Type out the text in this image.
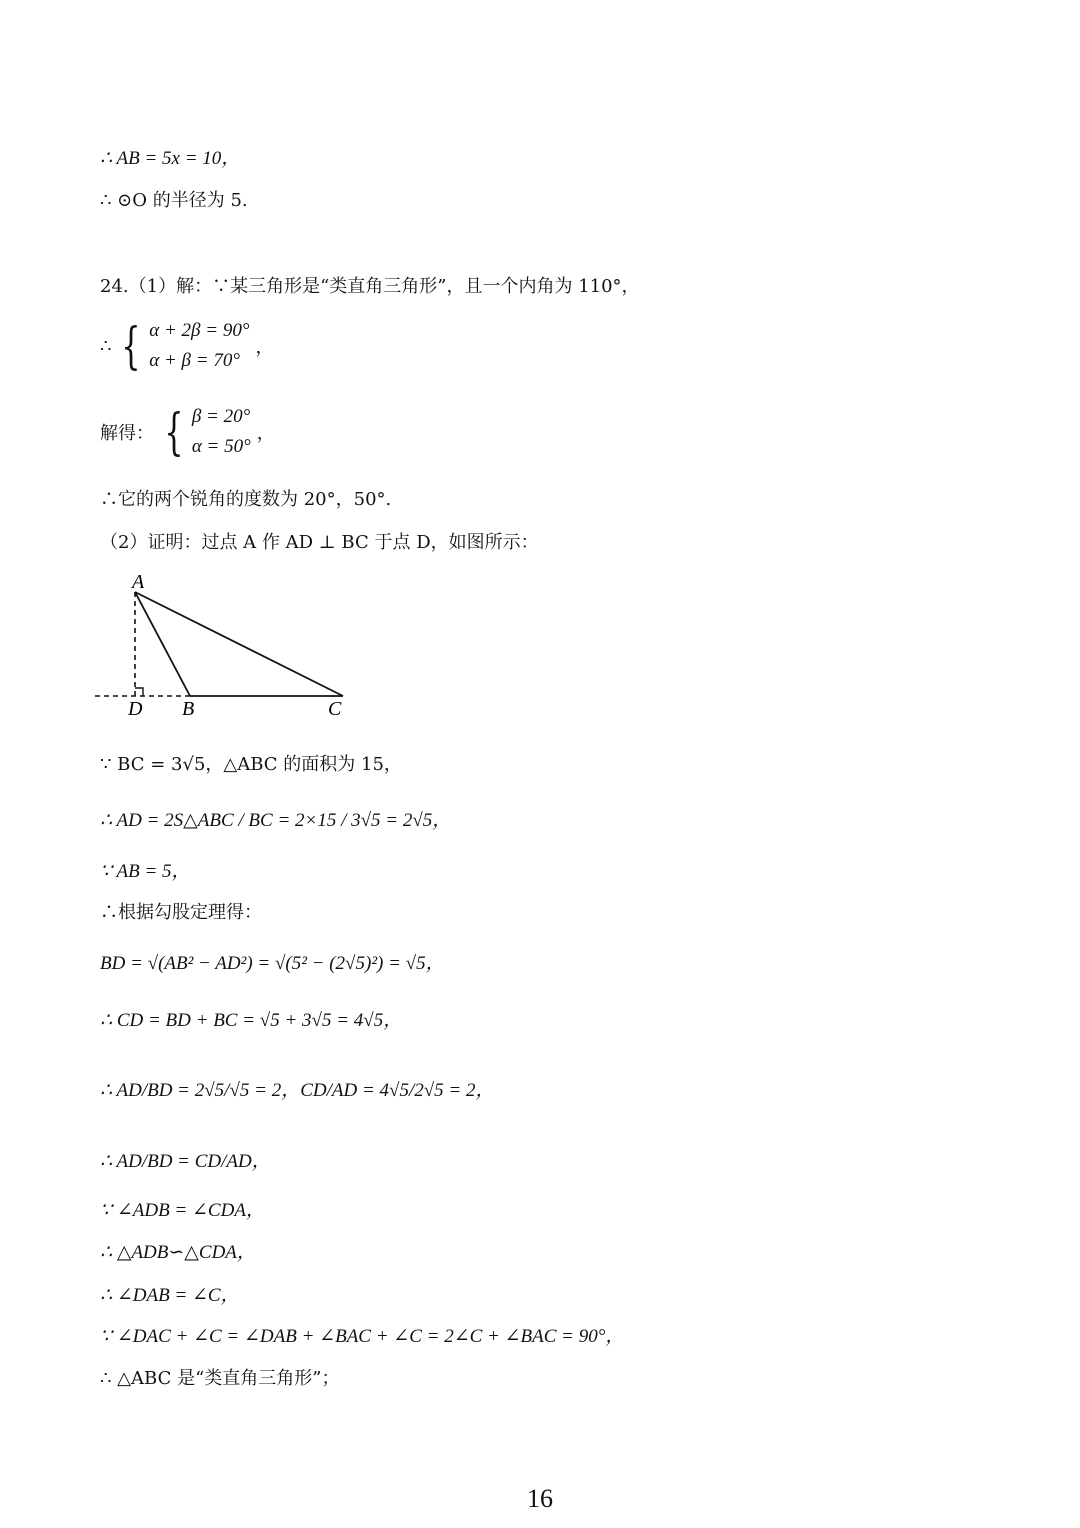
∴ AB = 5x = 10，
∴ ⊙O 的半径为 5.
24.（1）解：∵某三角形是“类直角三角形”，且一个内角为 110°，
∴ { α + 2β = 90°
α + β = 70°
，
解得： { β = 20°
α = 50°
，
∴它的两个锐角的度数为 20°，50°.
（2）证明：过点 A 作 AD ⊥ BC 于点 D，如图所示：
A
D B	C
∵ BC = 3√5，△ABC 的面积为 15，
∴ AD = 2S△ABC / BC = 2×15 / 3√5 = 2√5，
∵ AB = 5，
∴根据勾股定理得：
BD = √(AB² − AD²) = √(5² − (2√5)²) = √5，
∴ CD = BD + BC = √5 + 3√5 = 4√5，
∴ AD/BD = 2√5/√5 = 2，CD/AD = 4√5/2√5 = 2，
∴ AD/BD = CD/AD，
∵ ∠ADB = ∠CDA，
∴ △ADB∽△CDA，
∴ ∠DAB = ∠C，
∵ ∠DAC + ∠C = ∠DAB + ∠BAC + ∠C = 2∠C + ∠BAC = 90°，
∴ △ABC 是“类直角三角形”；
16
